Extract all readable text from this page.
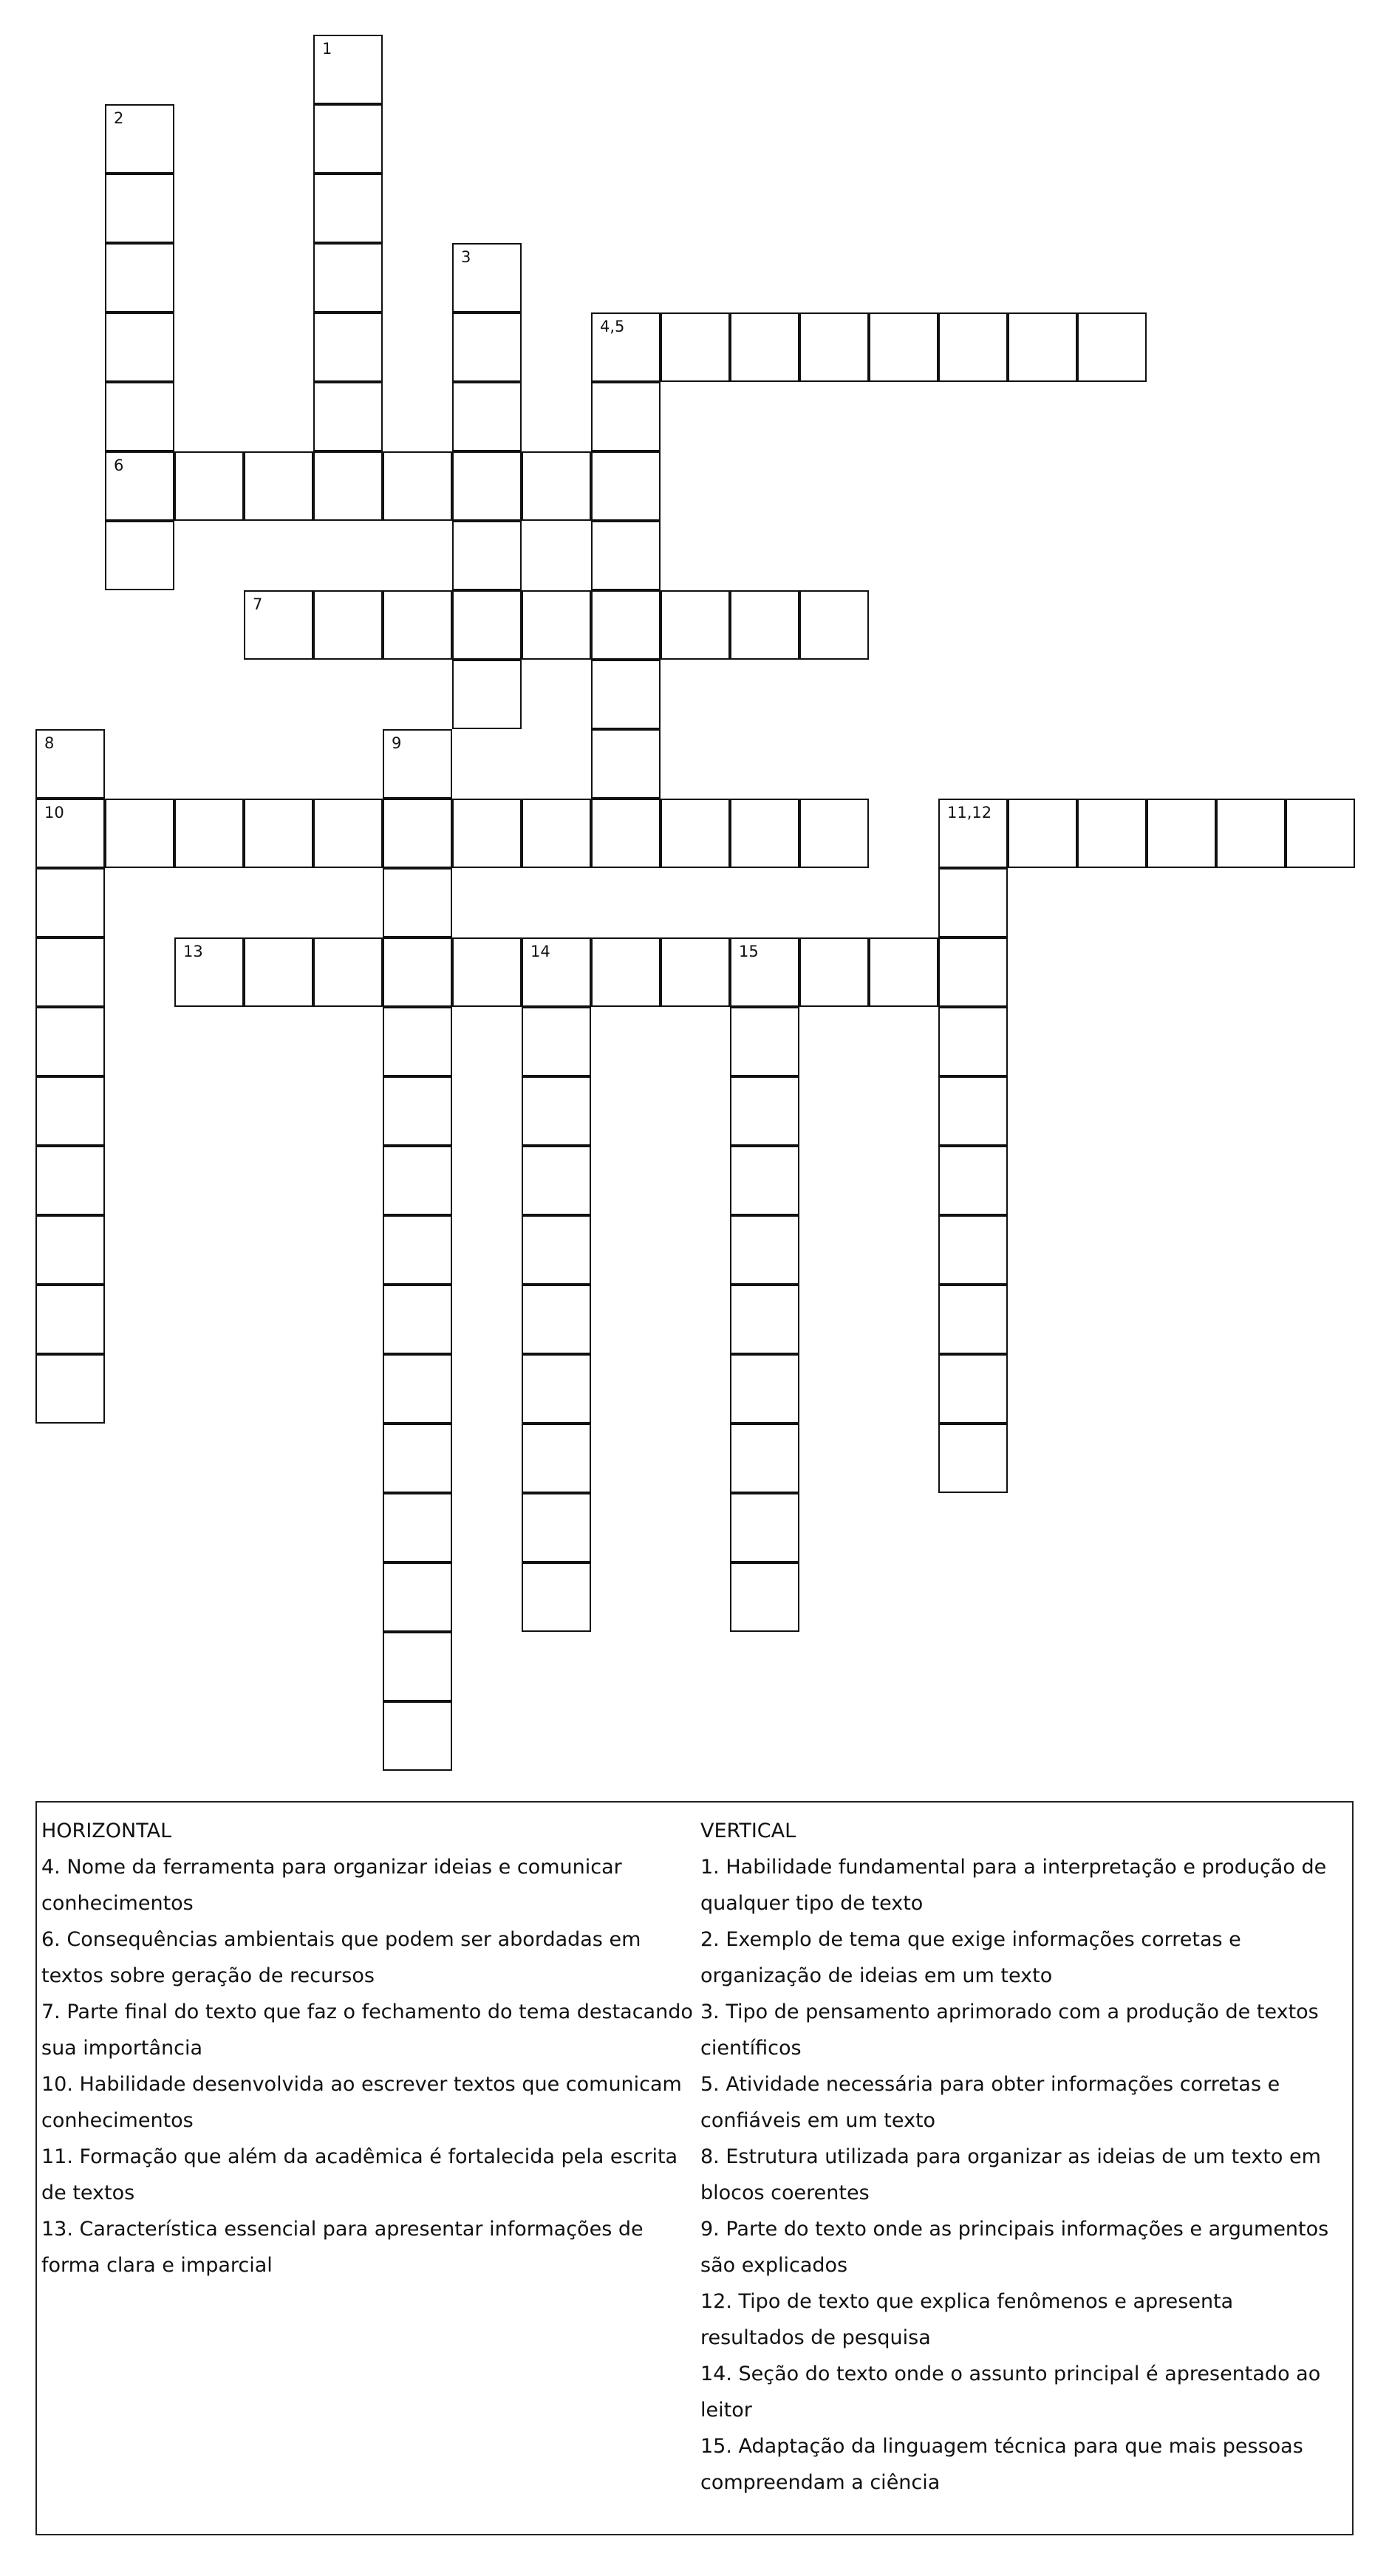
1
2
6
3
4,5
7
8
10
9
11,12
13	14	15
HORIZONTAL
4. Nome da ferramenta para organizar ideias e comunicar conhecimentos
6. Consequências ambientais que podem ser abordadas em textos sobre geração de recursos
7. Parte final do texto que faz o fechamento do tema destacando sua importância
10. Habilidade desenvolvida ao escrever textos que comunicam conhecimentos
11. Formação que além da acadêmica é fortalecida pela escrita de textos
13. Característica essencial para apresentar informações de forma clara e imparcial
VERTICAL
1. Habilidade fundamental para a interpretação e produção de qualquer tipo de texto
2. Exemplo de tema que exige informações corretas e organização de ideias em um texto
3. Tipo de pensamento aprimorado com a produção de textos científicos
5. Atividade necessária para obter informações corretas e confiáveis em um texto
8. Estrutura utilizada para organizar as ideias de um texto em blocos coerentes
9. Parte do texto onde as principais informações e argumentos são explicados
12. Tipo de texto que explica fenômenos e apresenta resultados de pesquisa
14. Seção do texto onde o assunto principal é apresentado ao leitor
15. Adaptação da linguagem técnica para que mais pessoas compreendam a ciência
